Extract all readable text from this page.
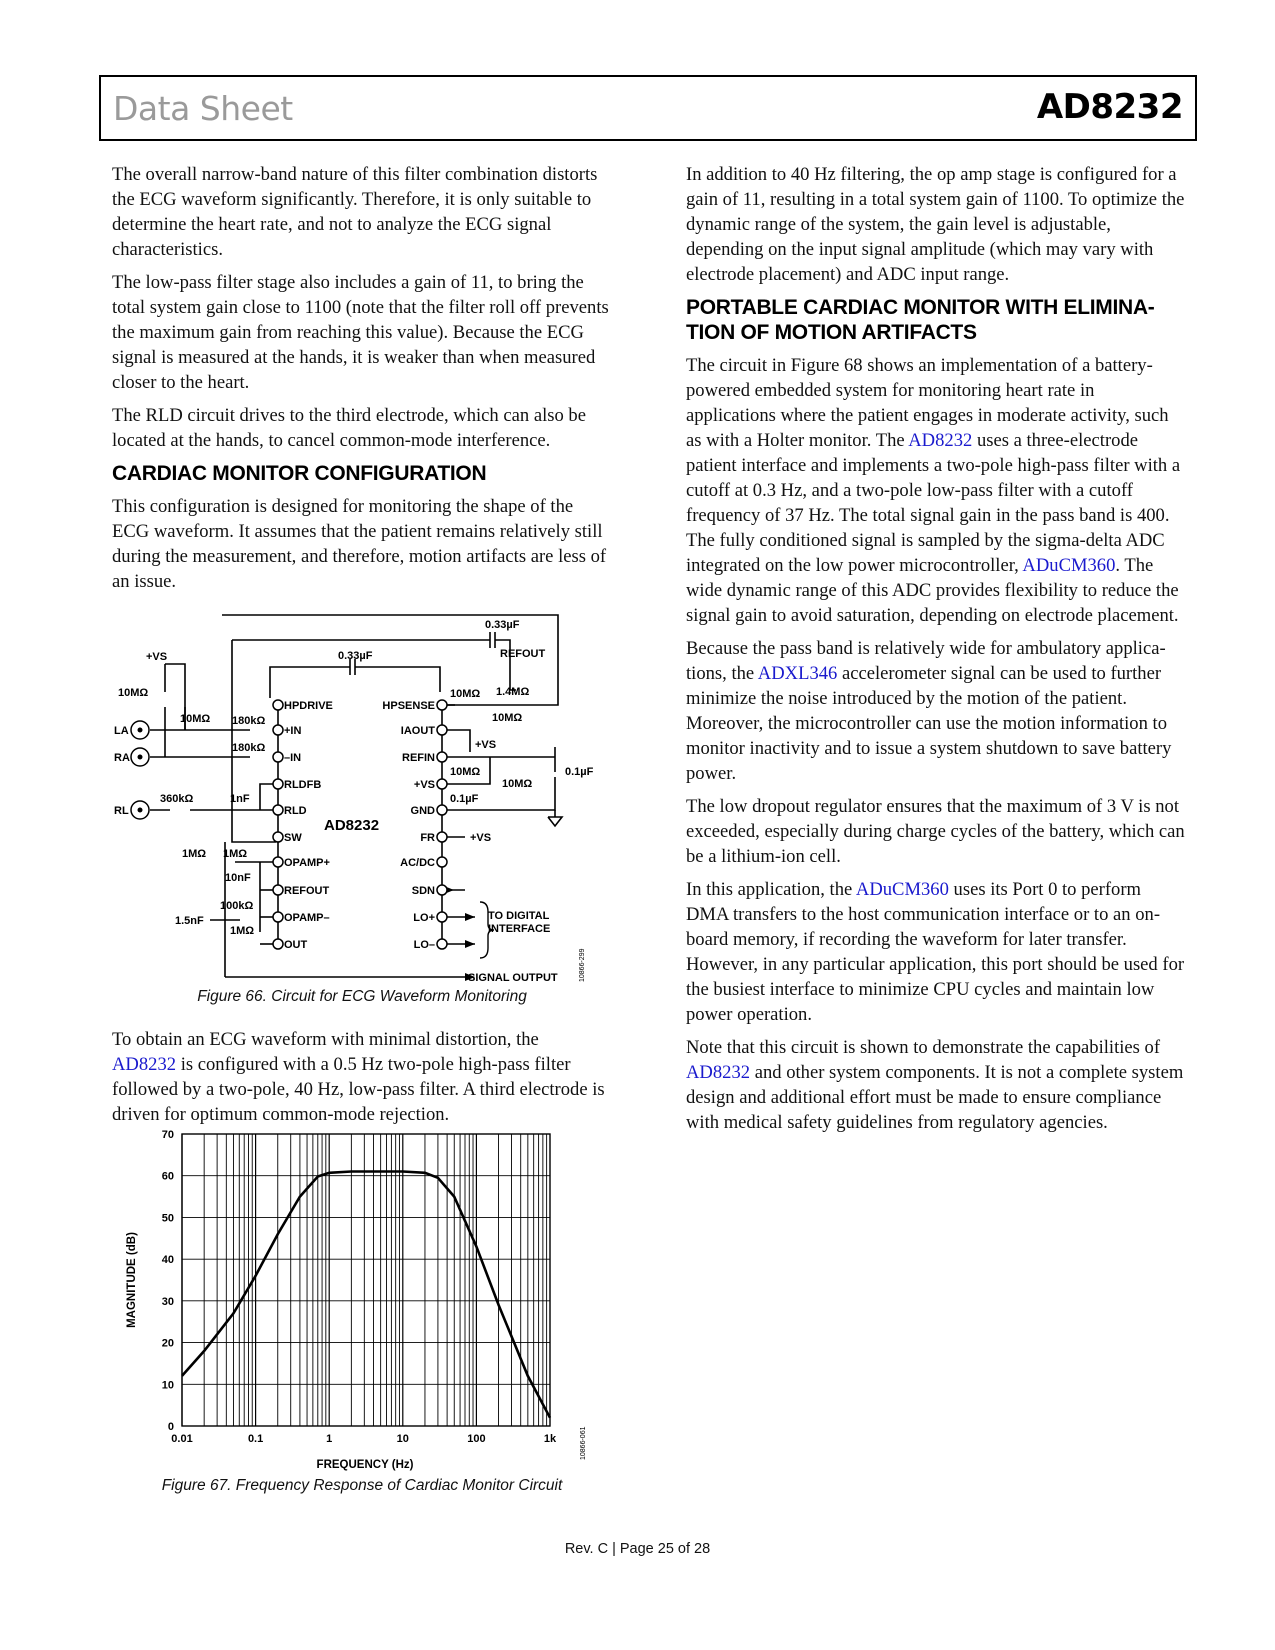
Data Sheet	AD8232

The overall narrow-band nature of this filter combination distorts the ECG waveform significantly. Therefore, it is only suitable to determine the heart rate, and not to analyze the ECG signal characteristics.

The low-pass filter stage also includes a gain of 11, to bring the total system gain close to 1100 (note that the filter roll off prevents the maximum gain from reaching this value). Because the ECG signal is measured at the hands, it is weaker than when measured closer to the heart.

The RLD circuit drives to the third electrode, which can also be located at the hands, to cancel common-mode interference.

CARDIAC MONITOR CONFIGURATION

This configuration is designed for monitoring the shape of the ECG waveform. It assumes that the patient remains relatively still during the measurement, and therefore, motion artifacts are less of an issue.

HPDRIVE
+IN
–IN
RLDFB
RLD
SW
OPAMP+
REFOUT
OPAMP–
OUT
HPSENSE
IAOUT
REFIN
+VS
GND
FR
AC/DC
SDN
LO+
LO–
LA
RA
RL
+VS
0.33µF
REFOUT
0.33µF
10MΩ 1.4MΩ
10MΩ
10MΩ
10MΩ
+VS
0.1µF
0.1µF
+VS
10MΩ
10MΩ 180kΩ
180kΩ
360kΩ	1nF
1MΩ 1MΩ
10nF
100kΩ
1MΩ
1.5nF	TO DIGITAL
INTERFACE
SIGNAL OUTPUT
AD8232
10866-299
Figure 66. Circuit for ECG Waveform Monitoring

To obtain an ECG waveform with minimal distortion, the
AD8232 is configured with a 0.5 Hz two-pole high-pass filter followed by a two-pole, 40 Hz, low-pass filter. A third electrode is driven for optimum common-mode rejection.

0
10
20
30
40
50
60
70
0.01	0.1	1	10	100	1k
FREQUENCY (Hz)
MAGNITUDE (dB)
10866-061
Figure 67. Frequency Response of Cardiac Monitor Circuit

In addition to 40 Hz filtering, the op amp stage is configured for a gain of 11, resulting in a total system gain of 1100. To optimize the dynamic range of the system, the gain level is adjustable, depending on the input signal amplitude (which may vary with electrode placement) and ADC input range.

PORTABLE CARDIAC MONITOR WITH ELIMINA-TION OF MOTION ARTIFACTS

The circuit in Figure 68 shows an implementation of a battery-powered embedded system for monitoring heart rate in applications where the patient engages in moderate activity, such as with a Holter monitor. The AD8232 uses a three-electrode patient interface and implements a two-pole high-pass filter with a cutoff at 0.3 Hz, and a two-pole low-pass filter with a cutoff frequency of 37 Hz. The total signal gain in the pass band is 400. The fully conditioned signal is sampled by the sigma-delta ADC integrated on the low power microcontroller, ADuCM360. The wide dynamic range of this ADC provides flexibility to reduce the signal gain to avoid saturation, depending on electrode placement.

Because the pass band is relatively wide for ambulatory applica-tions, the ADXL346 accelerometer signal can be used to further minimize the noise introduced by the motion of the patient. Moreover, the microcontroller can use the motion information to monitor inactivity and to issue a system shutdown to save battery power.

The low dropout regulator ensures that the maximum of 3 V is not exceeded, especially during charge cycles of the battery, which can be a lithium-ion cell.

In this application, the ADuCM360 uses its Port 0 to perform DMA transfers to the host communication interface or to an on-board memory, if recording the waveform for later transfer. However, in any particular application, this port should be used for the busiest interface to minimize CPU cycles and maintain low power operation.

Note that this circuit is shown to demonstrate the capabilities of AD8232 and other system components. It is not a complete system design and additional effort must be made to ensure compliance with medical safety guidelines from regulatory agencies.

Rev. C | Page 25 of 28
